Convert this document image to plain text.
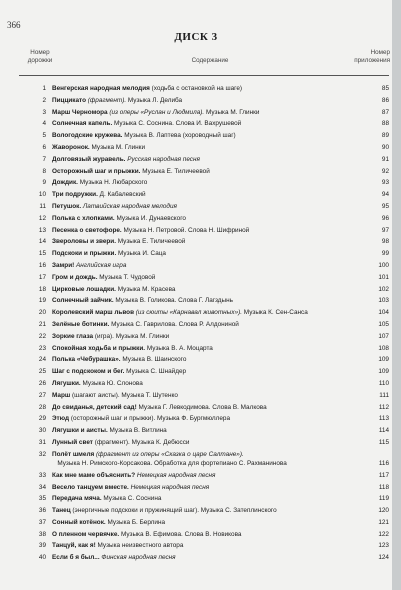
366
ДИСК 3
Номер
дорожки	Содержание
Номер
приложения
1 Венгерская народная мелодия (ходьба с остановкой на шаге)	85
2 Пиццикато (фрагмент). Музыка Л. Делиба	86
3 Марш Черномора (из оперы «Руслан и Людмила). Музыка М. Глинки	87
4 Солнечная капель. Музыка С. Соснина. Слова И. Вахрушевой	88
5 Вологодские кружева. Музыка В. Лаптева (хороводный шаг)	89
6 Жаворонок. Музыка М. Глинки	90
7 Долговязый журавель. Русская народная песня	91
8 Осторожный шаг и прыжки. Музыка Е. Тиличеевой	92
9 Дождик. Музыка Н. Любарского	93
10 Три подружки. Д. Кабалевский	94
11 Петушок. Латвийская народная мелодия	95
12 Полька с хлопками. Музыка И. Дунаевского	96
13 Песенка о светофоре. Музыка Н. Петровой. Слова Н. Шифриной	97
14 Звероловы и звери. Музыка Е. Тиличеевой	98
15 Подскоки и прыжки. Музыка И. Саца	99
16 Замри! Английская игра	100
17 Гром и дождь. Музыка Т. Чудовой	101
18 Цирковые лошадки. Музыка М. Красева	102
19 Солнечный зайчик. Музыка В. Голикова. Слова Г. Лагздынь	103
20 Королевский марш львов (из сюиты «Карнавал животных»). Музыка К. Сен-Санса	104
21 Зелёные ботинки. Музыка С. Гаврилова. Слова Р. Алдониной	105
22 Зоркие глаза (игра). Музыка М. Глинки	107
23 Спокойная ходьба и прыжки. Музыка В. А. Моцарта	108
24 Полька «Чебурашка». Музыка В. Шаинского	109
25 Шаг с подскоком и бег. Музыка С. Шнайдер	109
26 Лягушки. Музыка Ю. Слонова	110
27 Марш (шагают аисты). Музыка Т. Шутенко	111
28 До свиданья, детский сад! Музыка Г. Левкодимова. Слова В. Малкова	112
29 Этюд (осторожный шаг и прыжки). Музыка Ф. Бургмюллера	113
30 Лягушки и аисты. Музыка В. Витлина	114
31 Лунный свет (фрагмент). Музыка К. Дебюсси	115
32 Полёт шмеля (фрагмент из оперы «Сказка о царе Салтане»).
Музыка Н. Римского-Корсакова. Обработка для фортепиано С. Рахманинова	116
33 Как мне маме объяснить? Немецкая народная песня	117
34 Весело танцуем вместе. Немецкая народная песня	118
35 Передача мяча. Музыка С. Соснина	119
36 Танец (энергичные подскоки и пружинящий шаг). Музыка С. Затеплинского	120
37 Сонный котёнок. Музыка Б. Берлина	121
38 О пленном червячке. Музыка В. Ефимова. Слова В. Новикова	122
39 Танцуй, как я! Музыка неизвестного автора	123
40 Если б я был... Финская народная песня	124
